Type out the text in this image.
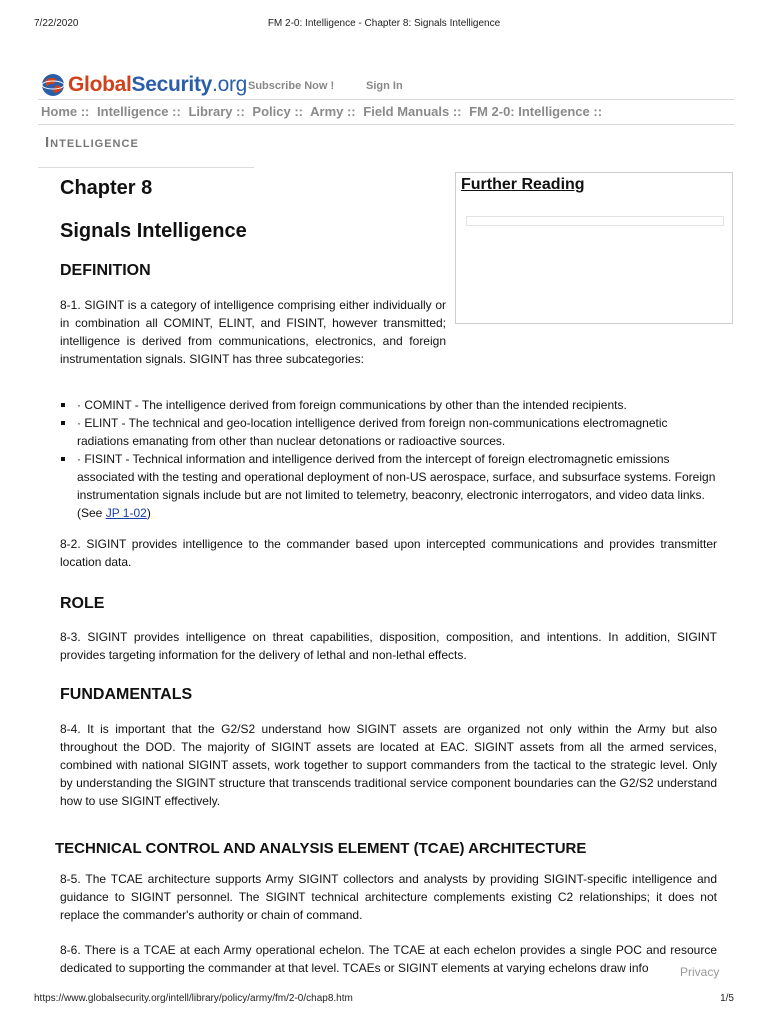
7/22/2020	FM 2-0: Intelligence - Chapter 8: Signals Intelligence
GlobalSecurity.org Subscribe Now !	Sign In
Home :: Intelligence :: Library :: Policy :: Army :: Field Manuals :: FM 2-0: Intelligence ::
Intelligence
Further Reading
Chapter 8
Signals Intelligence
DEFINITION
8-1. SIGINT is a category of intelligence comprising either individually or in combination all COMINT, ELINT, and FISINT, however transmitted; intelligence is derived from communications, electronics, and foreign instrumentation signals. SIGINT has three subcategories:
· COMINT - The intelligence derived from foreign communications by other than the intended recipients.
· ELINT - The technical and geo-location intelligence derived from foreign non-communications electromagnetic radiations emanating from other than nuclear detonations or radioactive sources.
· FISINT - Technical information and intelligence derived from the intercept of foreign electromagnetic emissions associated with the testing and operational deployment of non-US aerospace, surface, and subsurface systems. Foreign instrumentation signals include but are not limited to telemetry, beaconry, electronic interrogators, and video data links.
(See JP 1-02)
8-2. SIGINT provides intelligence to the commander based upon intercepted communications and provides transmitter location data.
ROLE
8-3. SIGINT provides intelligence on threat capabilities, disposition, composition, and intentions. In addition, SIGINT provides targeting information for the delivery of lethal and non-lethal effects.
FUNDAMENTALS
8-4. It is important that the G2/S2 understand how SIGINT assets are organized not only within the Army but also throughout the DOD. The majority of SIGINT assets are located at EAC. SIGINT assets from all the armed services, combined with national SIGINT assets, work together to support commanders from the tactical to the strategic level. Only by understanding the SIGINT structure that transcends traditional service component boundaries can the G2/S2 understand how to use SIGINT effectively.
TECHNICAL CONTROL AND ANALYSIS ELEMENT (TCAE) ARCHITECTURE
8-5. The TCAE architecture supports Army SIGINT collectors and analysts by providing SIGINT-specific intelligence and guidance to SIGINT personnel. The SIGINT technical architecture complements existing C2 relationships; it does not replace the commander's authority or chain of command.
8-6. There is a TCAE at each Army operational echelon. The TCAE at each echelon provides a single POC and resource dedicated to supporting the commander at that level. TCAEs or SIGINT elements at varying echelons draw info	Privacy
https://www.globalsecurity.org/intell/library/policy/army/fm/2-0/chap8.htm	1/5
